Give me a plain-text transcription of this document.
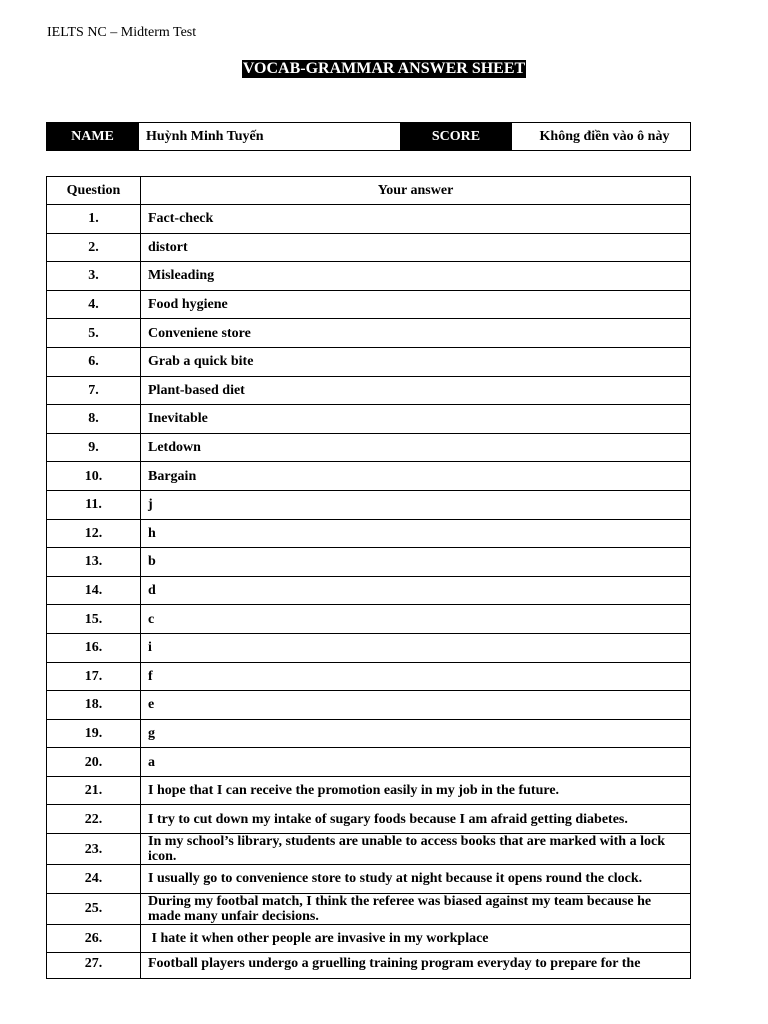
IELTS NC – Midterm Test
VOCAB-GRAMMAR ANSWER SHEET
NAME	Huỳnh Minh Tuyến	SCORE	Không điền vào ô này
Question	Your answer
1.	Fact-check
2.	distort
3.	Misleading
4.	Food hygiene
5.	Conveniene store
6.	Grab a quick bite
7.	Plant-based diet
8.	Inevitable
9.	Letdown
10.	Bargain
11.	j
12.	h
13.	b
14.	d
15.	c
16.	i
17.	f
18.	e
19.	g
20.	a
21.	I hope that I can receive the promotion easily in my job in the future.
22.	I try to cut down my intake of sugary foods because I am afraid getting diabetes.
23.	In my school’s library, students are unable to access books that are marked with a lock icon.
24.	I usually go to convenience store to study at night because it opens round the clock.
25.	During my footbal match, I think the referee was biased against my team because he made many unfair decisions.
26.	I hate it when other people are invasive in my workplace
27.	Football players undergo a gruelling training program everyday to prepare for the
